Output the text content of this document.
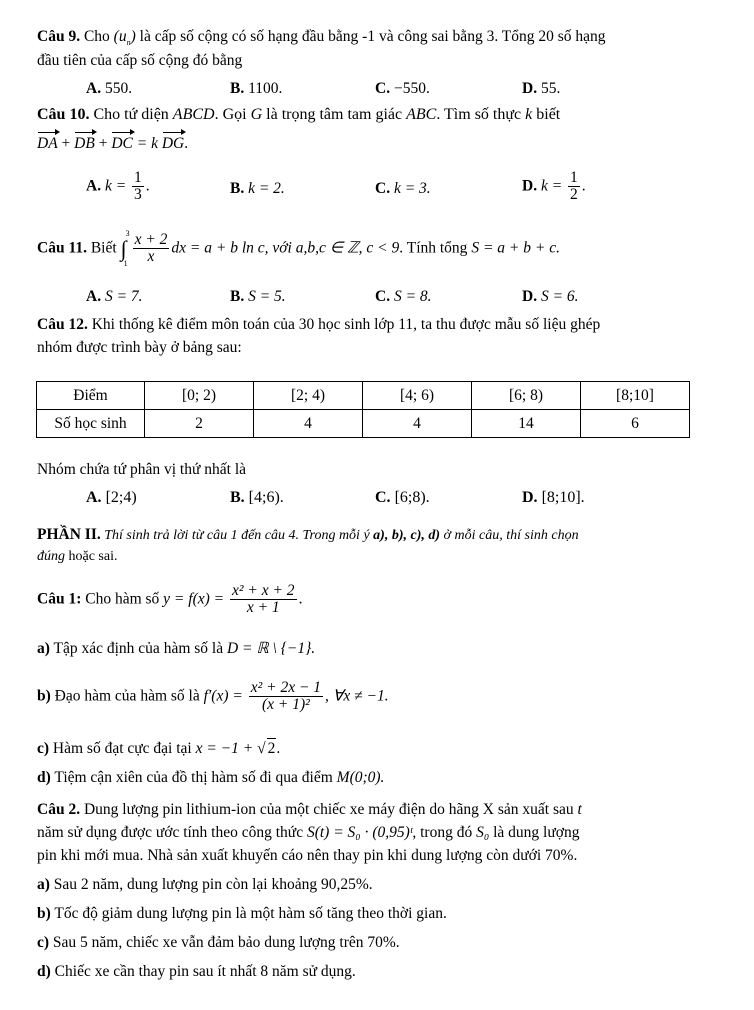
Câu 9. Cho $(u_n)$ là cấp số cộng có số hạng đầu bằng -1 và công sai bằng 3. Tổng 20 số hạng
đầu tiên của cấp số cộng đó bằng
A. 550.	B. 1100.	C. −550.	D. 55.
Câu 10. Cho tứ diện ABCD. Gọi G là trọng tâm tam giác ABC. Tìm số thực k biết
DA + DB + DC = k DG.
A. $k = \frac{1}{3}$ .	B. k = 2.	C. k = 3.	D. $k = \frac{1}{2}$ .
Câu 11. Biết
3
∫
$1 \frac{x + 2}{x}$ dx = a + b ln c, với a,b,c ∈ ℤ, c < 9. Tính tổng S = a + b + c.
A. S = 7.	B. S = 5.	C. S = 8.	D. S = 6.
Câu 12. Khi thống kê điểm môn toán của 30 học sinh lớp 11, ta thu được mẫu số liệu ghép
nhóm được trình bày ở bảng sau:
Điểm	[0; 2)	[2; 4)	[4; 6)	[6; 8)	[8;10]
Số học sinh	2	4	4	14	6
Nhóm chứa tứ phân vị thứ nhất là
A. [2;4)	B. [4;6).	C. [6;8).	D. [8;10].
PHẦN II. Thí sinh trả lời từ câu 1 đến câu 4. Trong mỗi ý a), b), c), d) ở mỗi câu, thí sinh chọn
đúng hoặc sai.
Câu 1: Cho hàm số $y = f(x) = \frac{\text{x² + x + 2}}{x + 1}$ .
a) Tập xác định của hàm số là D = ℝ \ {−1}.
b) Đạo hàm của hàm số là $f'(x) = \frac{\text{x² + 2x − 1}}{\text{(x + 1)²}}$ , ∀x ≠ −1.
c) Hàm số đạt cực đại tại x = −1 + √ 2.
d) Tiệm cận xiên của đồ thị hàm số đi qua điểm M(0;0).
Câu 2. Dung lượng pin lithium-ion của một chiếc xe máy điện do hãng X sản xuất sau t
năm sử dụng được ước tính theo công thức S(t) = S₀ · (0,95)ᵗ, trong đó S₀ là dung lượng
pin khi mới mua. Nhà sản xuất khuyến cáo nên thay pin khi dung lượng còn dưới 70%.
a) Sau 2 năm, dung lượng pin còn lại khoảng 90,25%.
b) Tốc độ giảm dung lượng pin là một hàm số tăng theo thời gian.
c) Sau 5 năm, chiếc xe vẫn đảm bảo dung lượng trên 70%.
d) Chiếc xe cần thay pin sau ít nhất 8 năm sử dụng.
